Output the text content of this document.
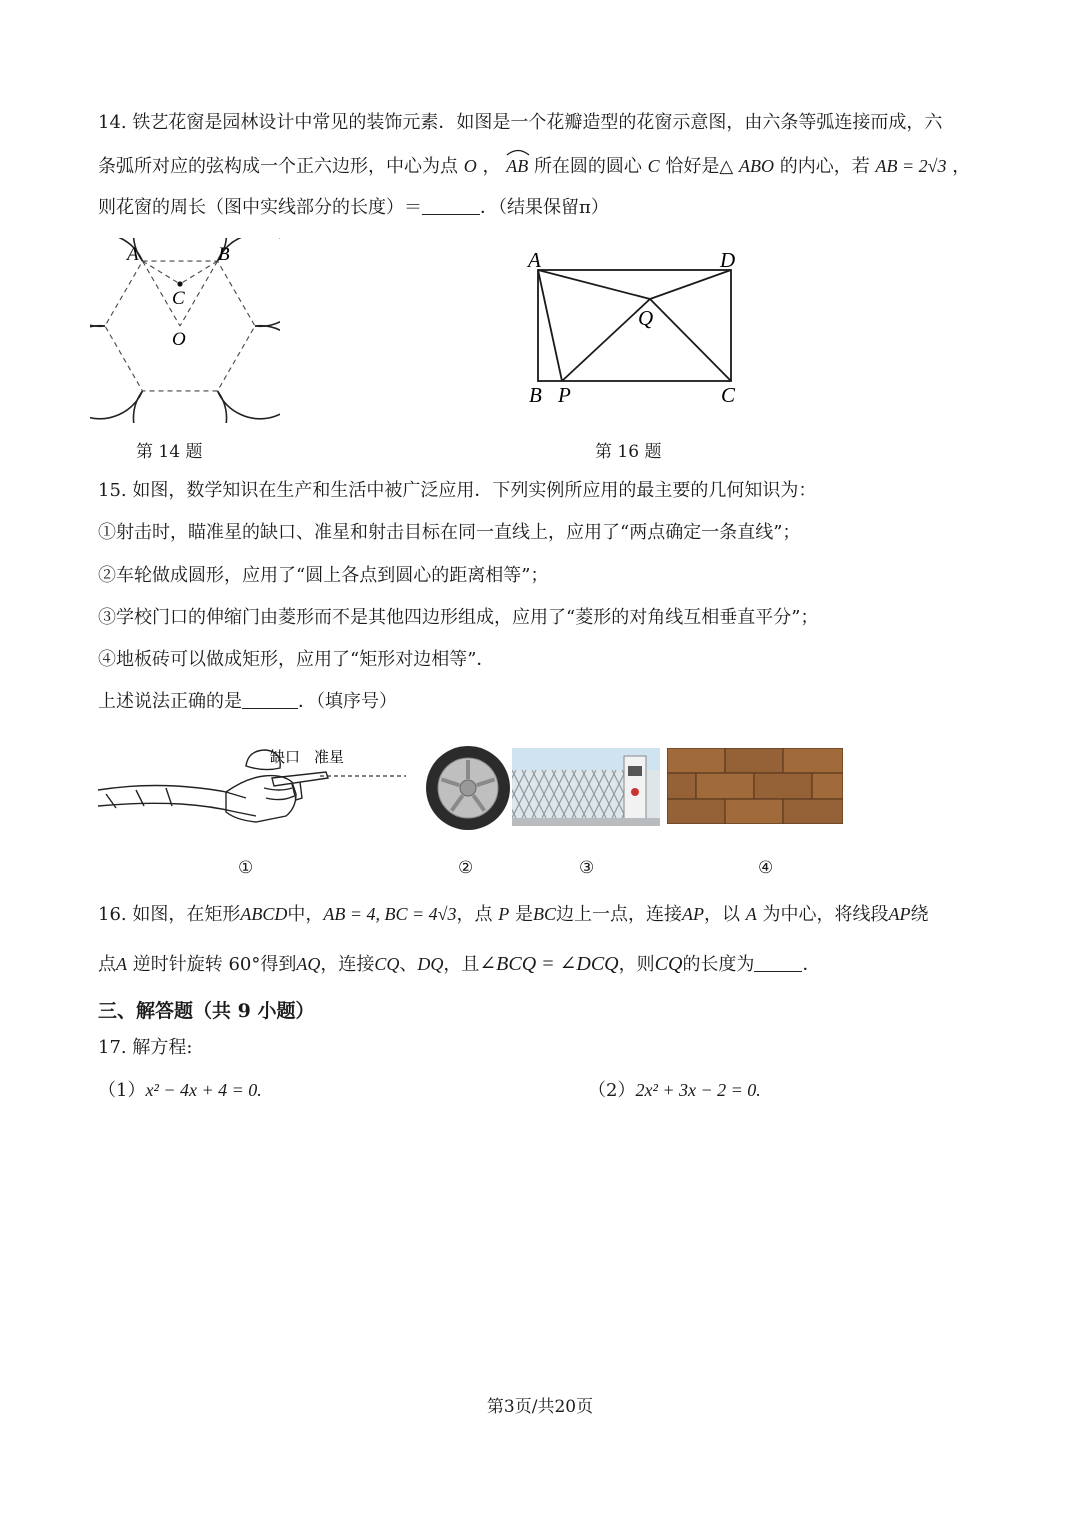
14. 铁艺花窗是园林设计中常见的装饰元素．如图是一个花瓣造型的花窗示意图，由六条等弧连接而成，六
条弧所对应的弦构成一个正六边形，中心为点 O ， AB 所在圆的圆心 C 恰好是△ ABO 的内心，若 AB = 2√3 ，
则花窗的周长（图中实线部分的长度）＝	．（结果保留π）
A	B
C
O
第 14 题
A	D
Q
B P	C
第 16 题
15. 如图，数学知识在生产和生活中被广泛应用．下列实例所应用的最主要的几何知识为：
①射击时，瞄准星的缺口、准星和射击目标在同一直线上，应用了“两点确定一条直线”；
②车轮做成圆形，应用了“圆上各点到圆心的距离相等”；
③学校门口的伸缩门由菱形而不是其他四边形组成，应用了“菱形的对角线互相垂直平分”；
④地板砖可以做成矩形，应用了“矩形对边相等”．
上述说法正确的是	．（填序号）
缺口 准星
①	②	③	④
16. 如图，在矩形ABCD中，AB = 4, BC = 4√3，点 P 是BC边上一点，连接AP，以 A 为中心，将线段AP绕
点A 逆时针旋转 60°得到AQ，连接CQ、DQ，且∠BCQ = ∠DCQ，则CQ的长度为	．
三、解答题（共 9 小题）
17. 解方程:
（1）x² − 4x + 4 = 0.	（2）2x² + 3x − 2 = 0.
第3页/共20页
